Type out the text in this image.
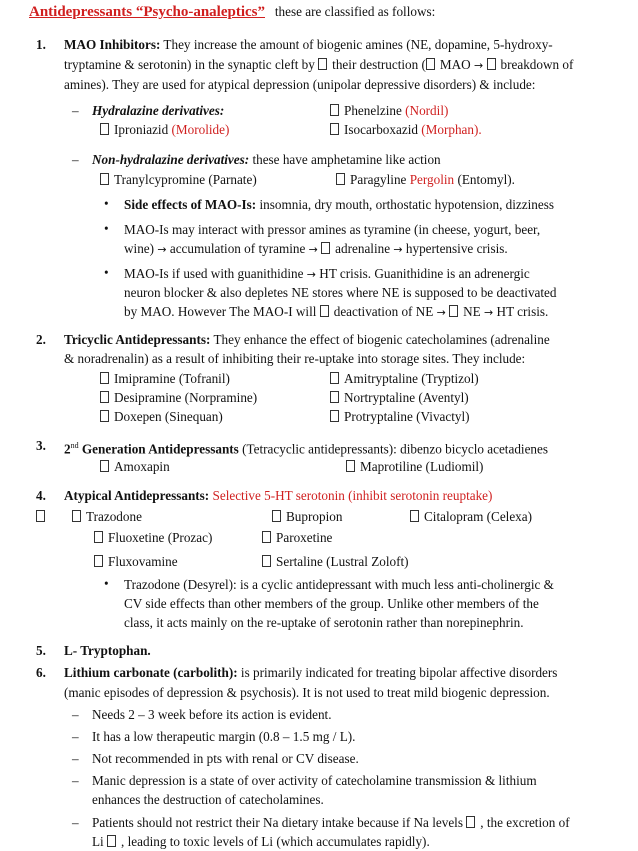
Antidepressants “Psycho-analeptics” these are classified as follows:
1. MAO Inhibitors: They increase the amount of biogenic amines (NE, dopamine, 5-hydroxy-
tryptamine & serotonin) in the synaptic cleft by their destruction ( MAO → breakdown of
amines). They are used for atypical depression (unipolar depressive disorders) & include:
– Hydralazine derivatives:	Phenelzine (Nordil)
Iproniazid (Morolide)	Isocarboxazid (Morphan).
– Non-hydralazine derivatives: these have amphetamine like action
Tranylcypromine (Parnate)	Paragyline Pergolin (Entomyl).
• Side effects of MAO-Is: insomnia, dry mouth, orthostatic hypotension, dizziness
• MAO-Is may interact with pressor amines as tyramine (in cheese, yogurt, beer,
wine) → accumulation of tyramine → adrenaline → hypertensive crisis.
• MAO-Is if used with guanithidine → HT crisis. Guanithidine is an adrenergic
neuron blocker & also depletes NE stores where NE is supposed to be deactivated
by MAO. However The MAO-I will deactivation of NE → NE → HT crisis.
2. Tricyclic Antidepressants: They enhance the effect of biogenic catecholamines (adrenaline
& noradrenalin) as a result of inhibiting their re-uptake into storage sites. They include:
Imipramine (Tofranil)	Amitryptaline (Tryptizol)
Desipramine (Norpramine)	Nortryptaline (Aventyl)
Doxepen (Sinequan)	Protryptaline (Vivactyl)
3. 2nd Generation Antidepressants (Tetracyclic antidepressants): dibenzo bicyclo acetadienes
Amoxapin	Maprotiline (Ludiomil)
4. Atypical Antidepressants: Selective 5-HT serotonin (inhibit serotonin reuptake)
Trazodone	Bupropion	Citalopram (Celexa)
Fluoxetine (Prozac)	Paroxetine
Fluxovamine	Sertaline (Lustral Zoloft)
• Trazodone (Desyrel): is a cyclic antidepressant with much less anti-cholinergic &
CV side effects than other members of the group. Unlike other members of the
class, it acts mainly on the re-uptake of serotonin rather than norepinephrin.
5. L- Tryptophan.
6. Lithium carbonate (carbolith): is primarily indicated for treating bipolar affective disorders
(manic episodes of depression & psychosis). It is not used to treat mild biogenic depression.
– Needs 2 – 3 week before its action is evident.
– It has a low therapeutic margin (0.8 – 1.5 mg / L).
– Not recommended in pts with renal or CV disease.
– Manic depression is a state of over activity of catecholamine transmission & lithium
enhances the destruction of catecholamines.
– Patients should not restrict their Na dietary intake because if Na levels , the excretion of
Li , leading to toxic levels of Li (which accumulates rapidly).
